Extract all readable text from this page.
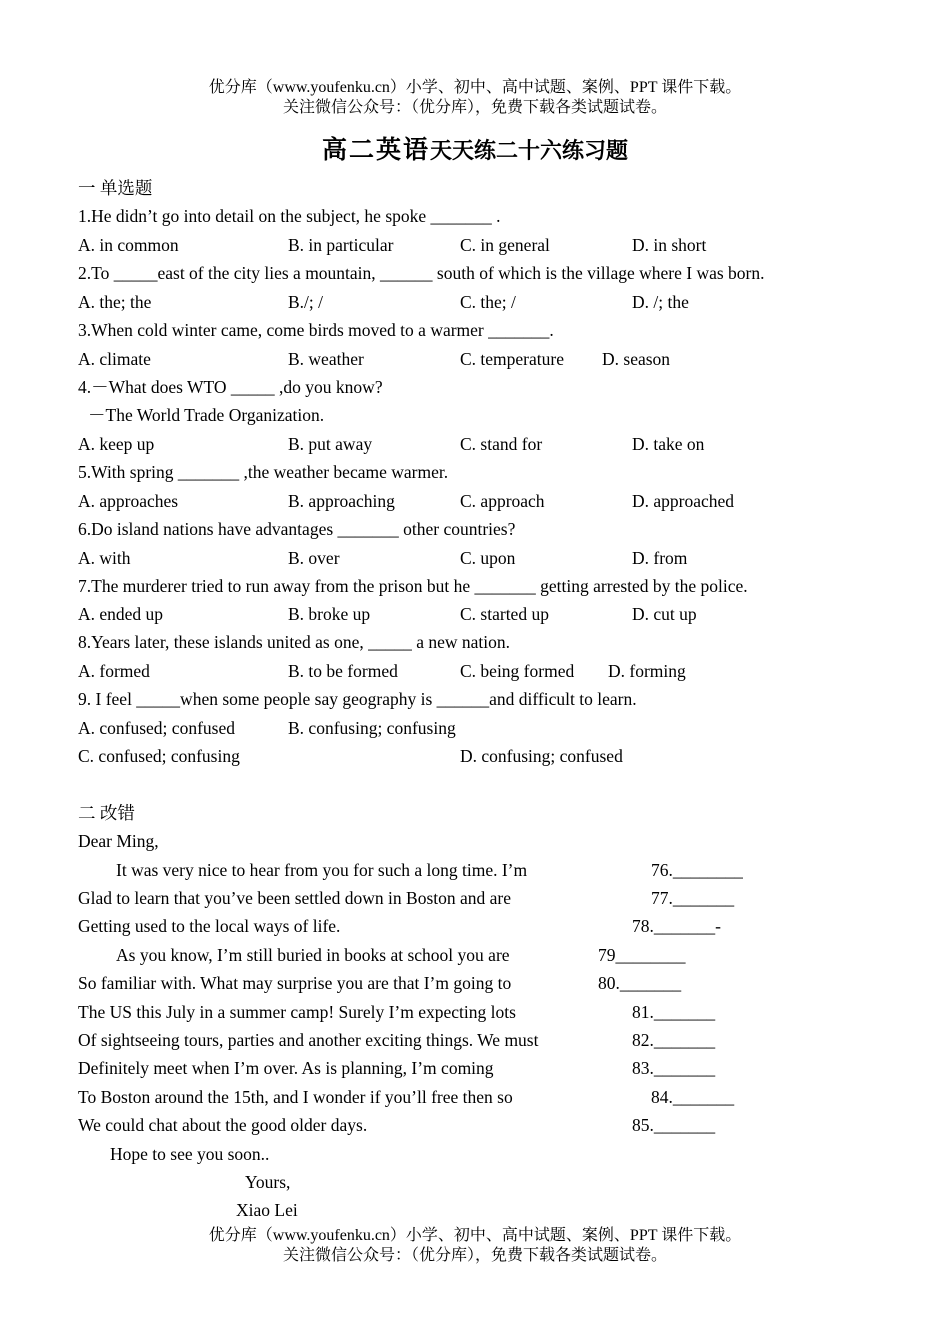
优分库（www.youfenku.cn）小学、初中、高中试题、案例、PPT 课件下载。
关注微信公众号：（优分库），免费下载各类试题试卷。
高二英语天天练二十六练习题
一 单选题
1.He didn’t go into detail on the subject, he spoke _______ .
A. in common	B. in particular	C. in general	D. in short
2.To _____east of the city lies a mountain, ______ south of which is the village where I was born.
A. the; the	B./; /	C. the; /	D. /; the
3.When cold winter came, come birds moved to a warmer _______.
A. climate	B. weather	C. temperature D. season
4.－What does WTO _____ ,do you know?
－The World Trade Organization.
A. keep up	B. put away	C. stand for	D. take on
5.With spring _______ ,the weather became warmer.
A. approaches	B. approaching	C. approach	D. approached
6.Do island nations have advantages _______ other countries?
A. with	B. over	C. upon	D. from
7.The murderer tried to run away from the prison but he _______ getting arrested by the police.
A. ended up	B. broke up	C. started up	D. cut up
8.Years later, these islands united as one, _____ a new nation.
A. formed	B. to be formed	C. being formed D. forming
9. I feel _____when some people say geography is ______and difficult to learn.
A. confused; confused	B. confusing; confusing
C. confused; confusing	D. confusing; confused
二 改错
Dear Ming,
It was very nice to hear from you for such a long time. I’m	76.________
Glad to learn that you’ve been settled down in Boston and are	77._______
Getting used to the local ways of life.	78._______-
As you know, I’m still buried in books at school you are	79________
So familiar with. What may surprise you are that I’m going to	80._______
The US this July in a summer camp! Surely I’m expecting lots	81._______
Of sightseeing tours, parties and another exciting things. We must	82._______
Definitely meet when I’m over. As is planning, I’m coming	83._______
To Boston around the 15th, and I wonder if you’ll free then so	84._______
We could chat about the good older days.	85._______
Hope to see you soon..
Yours,
Xiao Lei
优分库（www.youfenku.cn）小学、初中、高中试题、案例、PPT 课件下载。
关注微信公众号：（优分库），免费下载各类试题试卷。
